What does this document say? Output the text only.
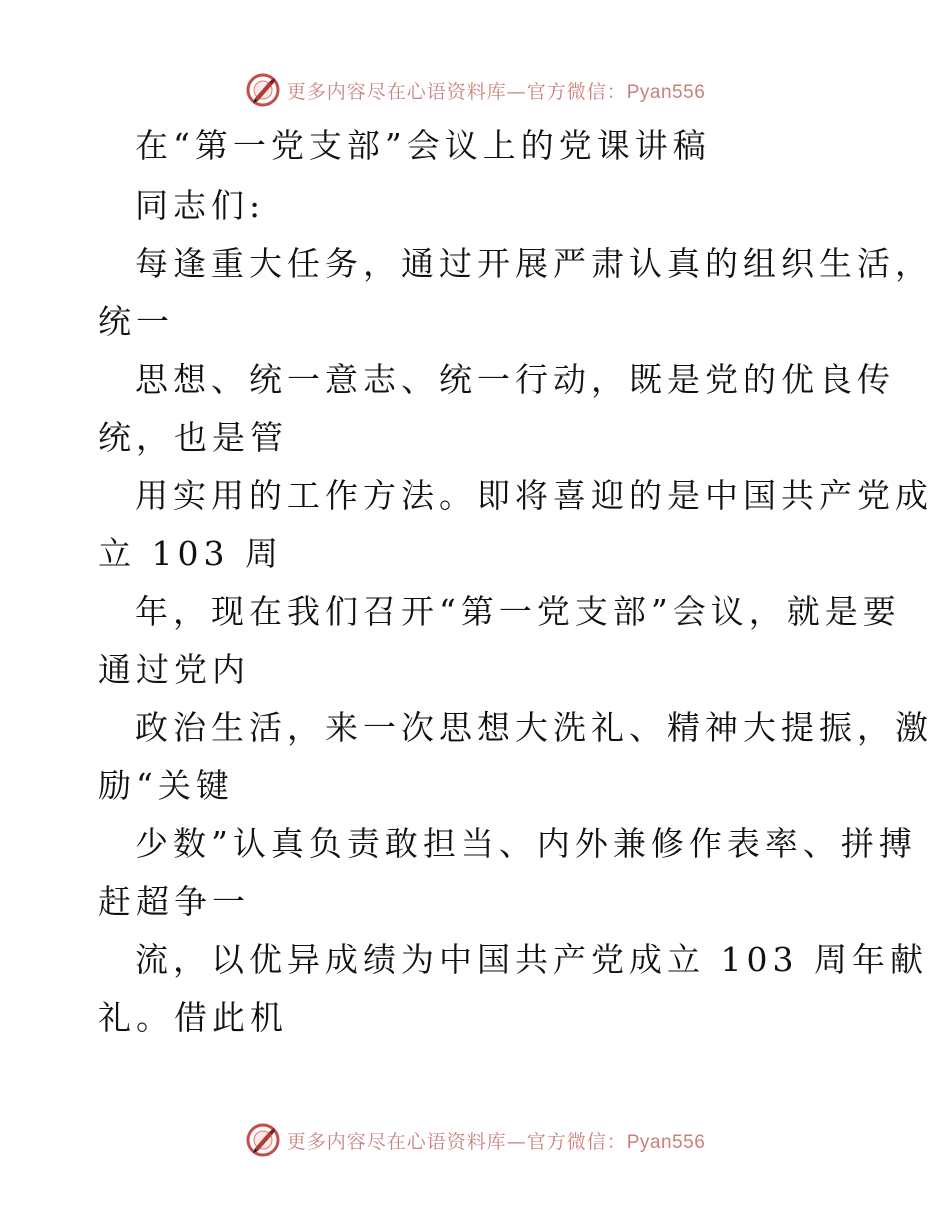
更多内容尽在心语资料库—官方微信：Pyan556
在“第一党支部”会议上的党课讲稿
同志们:
每逢重大任务，通过开展严肃认真的组织生活，
统一
思想、统一意志、统一行动，既是党的优良传
统，也是管
用实用的工作方法。即将喜迎的是中国共产党成
立 103 周
年，现在我们召开“第一党支部”会议，就是要
通过党内
政治生活，来一次思想大洗礼、精神大提振，激
励“关键
少数”认真负责敢担当、内外兼修作表率、拼搏
赶超争一
流，以优异成绩为中国共产党成立 103 周年献
礼。借此机
更多内容尽在心语资料库—官方微信：Pyan556
